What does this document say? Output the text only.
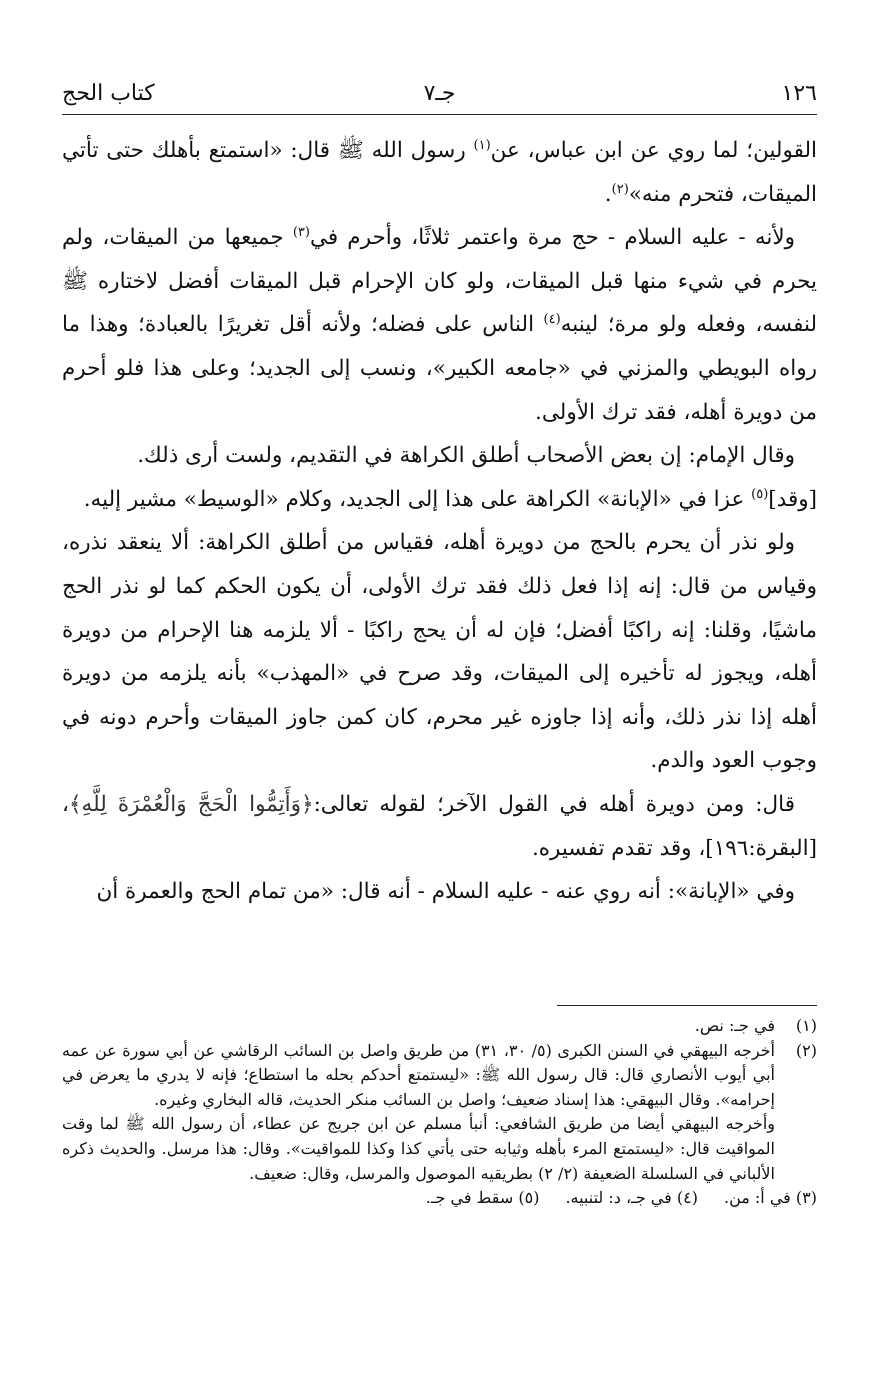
١٢٦
جـ٧
كتاب الحج

القولين؛ لما روي عن ابن عباس، عن$^{(١)}$ رسول الله ﷺ قال: «استمتع بأهلك حتى تأتي الميقات، فتحرم منه»$^{(٢)}$.

ولأنه - عليه السلام - حج مرة واعتمر ثلاثًا، وأحرم في$^{(٣)}$ جميعها من الميقات، ولم يحرم في شيء منها قبل الميقات، ولو كان الإحرام قبل الميقات أفضل لاختاره ﷺ لنفسه، وفعله ولو مرة؛ لينبه$^{(٤)}$ الناس على فضله؛ ولأنه أقل تغريرًا بالعبادة؛ وهذا ما رواه البويطي والمزني في «جامعه الكبير»، ونسب إلى الجديد؛ وعلى هذا فلو أحرم من دويرة أهله، فقد ترك الأولى.

وقال الإمام: إن بعض الأصحاب أطلق الكراهة في التقديم، ولست أرى ذلك.

[وقد]$^{(٥)}$ عزا في «الإبانة» الكراهة على هذا إلى الجديد، وكلام «الوسيط» مشير إليه.

ولو نذر أن يحرم بالحج من دويرة أهله، فقياس من أطلق الكراهة: ألا ينعقد نذره، وقياس من قال: إنه إذا فعل ذلك فقد ترك الأولى، أن يكون الحكم كما لو نذر الحج ماشيًا، وقلنا: إنه راكبًا أفضل؛ فإن له أن يحج راكبًا - ألا يلزمه هنا الإحرام من دويرة أهله، ويجوز له تأخيره إلى الميقات، وقد صرح في «المهذب» بأنه يلزمه من دويرة أهله إذا نذر ذلك، وأنه إذا جاوزه غير محرم، كان كمن جاوز الميقات وأحرم دونه في وجوب العود والدم.

قال: ومن دويرة أهله في القول الآخر؛ لقوله تعالى:﴿وَأَتِمُّوا الْحَجَّ وَالْعُمْرَةَ لِلَّهِ﴾، [البقرة:١٩٦]، وقد تقدم تفسيره.

وفي «الإبانة»: أنه روي عنه - عليه السلام - أنه قال: «من تمام الحج والعمرة أن

(١)
في جـ: نص.
(٢)
أخرجه البيهقي في السنن الكبرى (٥/ ٣٠، ٣١) من طريق واصل بن السائب الرقاشي عن أبي سورة عن عمه أبي أيوب الأنصاري قال: قال رسول الله ﷺ: «ليستمتع أحدكم بحله ما استطاع؛ فإنه لا يدري ما يعرض في إحرامه». وقال البيهقي: هذا إسناد ضعيف؛ واصل بن السائب منكر الحديث، قاله البخاري وغيره.
وأخرجه البيهقي أيضا من طريق الشافعي: أنبأ مسلم عن ابن جريج عن عطاء، أن رسول الله ﷺ لما وقت المواقيت قال: «ليستمتع المرء بأهله وثيابه حتى يأتي كذا وكذا للمواقيت». وقال: هذا مرسل. والحديث ذكره الألباني في السلسلة الضعيفة (٢/ ٢) بطريقيه الموصول والمرسل، وقال: ضعيف.
(٣) في أ: من.
(٤) في جـ، د: لتنبيه.
(٥) سقط في جـ.
